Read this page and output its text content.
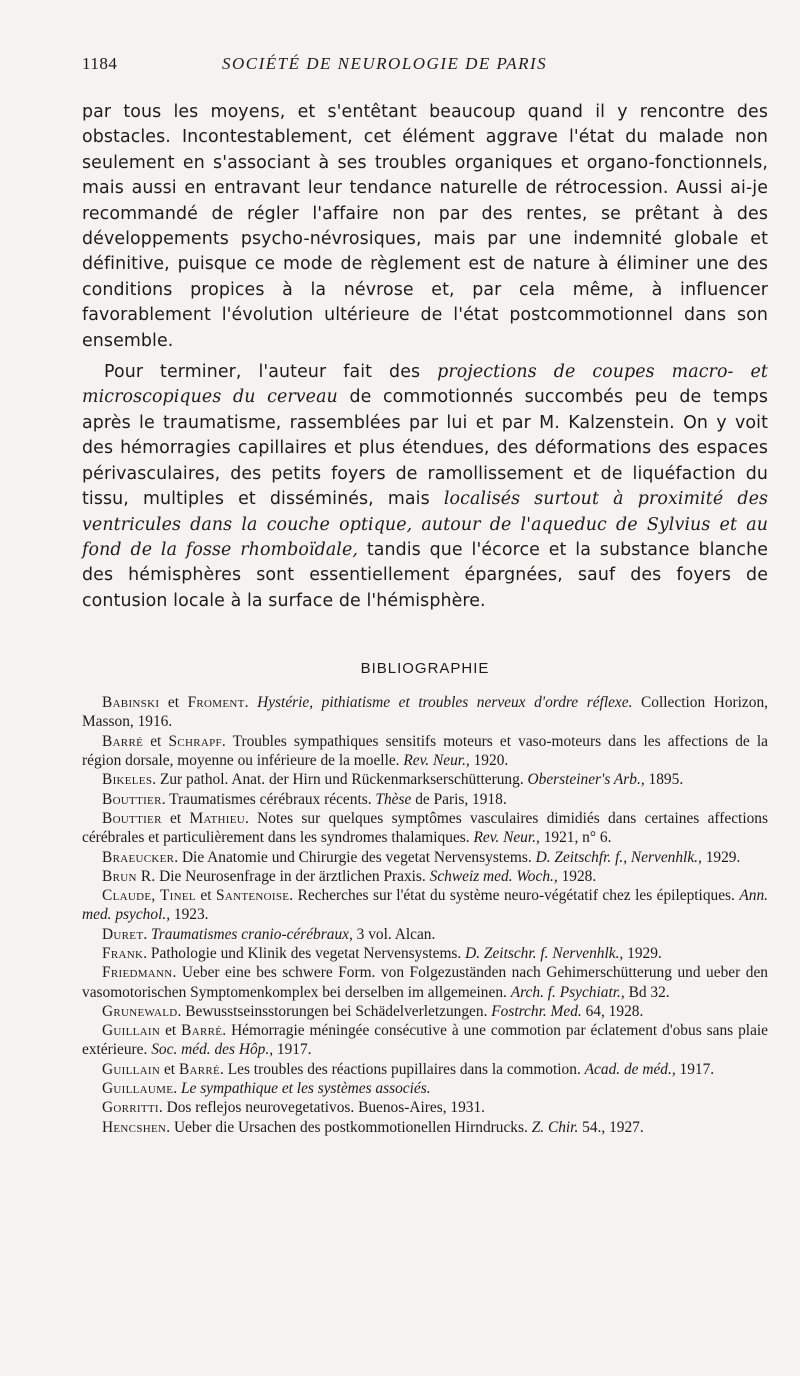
1184	SOCIÉTÉ DE NEUROLOGIE DE PARIS

par tous les moyens, et s'entêtant beaucoup quand il y rencontre des obstacles. Incontestablement, cet élément aggrave l'état du malade non seulement en s'associant à ses troubles organiques et organo-fonctionnels, mais aussi en entravant leur tendance naturelle de rétrocession. Aussi ai-je recommandé de régler l'affaire non par des rentes, se prêtant à des développements psycho-névrosiques, mais par une indemnité globale et définitive, puisque ce mode de règlement est de nature à éliminer une des conditions propices à la névrose et, par cela même, à influencer favorablement l'évolution ultérieure de l'état postcommotionnel dans son ensemble.

Pour terminer, l'auteur fait des projections de coupes macro- et microscopiques du cerveau de commotionnés succombés peu de temps après le traumatisme, rassemblées par lui et par M. Kalzenstein. On y voit des hémorragies capillaires et plus étendues, des déformations des espaces périvasculaires, des petits foyers de ramollissement et de liquéfaction du tissu, multiples et disséminés, mais localisés surtout à proximité des ventricules dans la couche optique, autour de l'aqueduc de Sylvius et au fond de la fosse rhomboïdale, tandis que l'écorce et la substance blanche des hémisphères sont essentiellement épargnées, sauf des foyers de contusion locale à la surface de l'hémisphère.

BIBLIOGRAPHIE

Babinski et Froment. Hystérie, pithiatisme et troubles nerveux d'ordre réflexe. Collection Horizon, Masson, 1916.

Barré et Schrapf. Troubles sympathiques sensitifs moteurs et vaso-moteurs dans les affections de la région dorsale, moyenne ou inférieure de la moelle. Rev. Neur., 1920.

Bikeles. Zur pathol. Anat. der Hirn und Rückenmarkserschütterung. Obersteiner's Arb., 1895.

Bouttier. Traumatismes cérébraux récents. Thèse de Paris, 1918.

Bouttier et Mathieu. Notes sur quelques symptômes vasculaires dimidiés dans certaines affections cérébrales et particulièrement dans les syndromes thalamiques. Rev. Neur., 1921, n° 6.

Braeucker. Die Anatomie und Chirurgie des vegetat Nervensystems. D. Zeitschfr. f., Nervenhlk., 1929.

Brun R. Die Neurosenfrage in der ärztlichen Praxis. Schweiz med. Woch., 1928.

Claude, Tinel et Santenoise. Recherches sur l'état du système neuro-végétatif chez les épileptiques. Ann. med. psychol., 1923.

Duret. Traumatismes cranio-cérébraux, 3 vol. Alcan.

Frank. Pathologie und Klinik des vegetat Nervensystems. D. Zeitschr. f. Nervenhlk., 1929.

Friedmann. Ueber eine bes schwere Form. von Folgezuständen nach Gehimerschütterung und ueber den vasomotorischen Symptomenkomplex bei derselben im allgemeinen. Arch. f. Psychiatr., Bd 32.

Grunewald. Bewusstseinsstorungen bei Schädelverletzungen. Fostrchr. Med. 64, 1928.

Guillain et Barré. Hémorragie méningée consécutive à une commotion par éclatement d'obus sans plaie extérieure. Soc. méd. des Hôp., 1917.

Guillain et Barré. Les troubles des réactions pupillaires dans la commotion. Acad. de méd., 1917.

Guillaume. Le sympathique et les systèmes associés.

Gorritti. Dos reflejos neurovegetativos. Buenos-Aires, 1931.

Hencshen. Ueber die Ursachen des postkommotionellen Hirndrucks. Z. Chir. 54., 1927.
